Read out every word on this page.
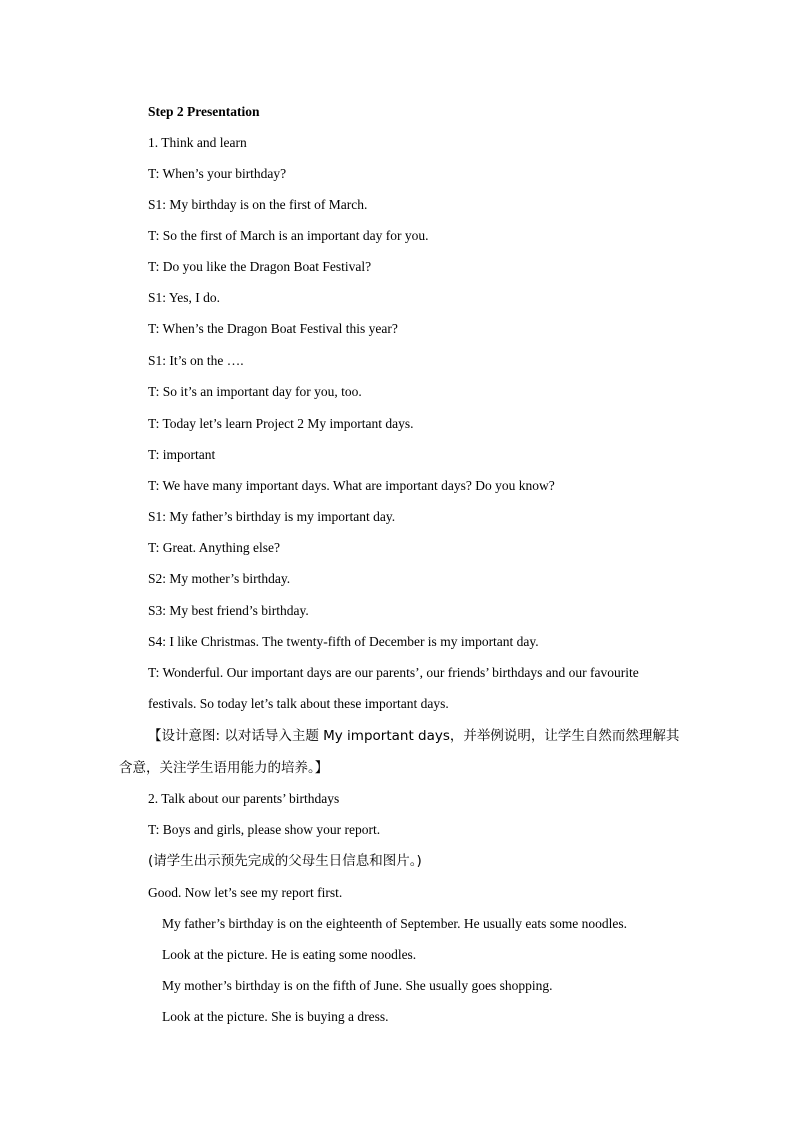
Step 2 Presentation
1. Think and learn
T: When’s your birthday?
S1: My birthday is on the first of March.
T: So the first of March is an important day for you.
T: Do you like the Dragon Boat Festival?
S1: Yes, I do.
T: When’s the Dragon Boat Festival this year?
S1: It’s on the ….
T: So it’s an important day for you, too.
T: Today let’s learn Project 2 My important days.
T: important
T: We have many important days. What are important days? Do you know?
S1: My father’s birthday is my important day.
T: Great. Anything else?
S2: My mother’s birthday.
S3: My best friend’s birthday.
S4: I like Christmas. The twenty-fifth of December is my important day.
T: Wonderful. Our important days are our parents’, our friends’ birthdays and our favourite
festivals. So today let’s talk about these important days.
【设计意图: 以对话导入主题 My important days，并举例说明，让学生自然而然理解其
含意，关注学生语用能力的培养。】
2. Talk about our parents’ birthdays
T: Boys and girls, please show your report.
(请学生出示预先完成的父母生日信息和图片。)
Good. Now let’s see my report first.
My father’s birthday is on the eighteenth of September. He usually eats some noodles.
Look at the picture. He is eating some noodles.
My mother’s birthday is on the fifth of June. She usually goes shopping.
Look at the picture. She is buying a dress.
